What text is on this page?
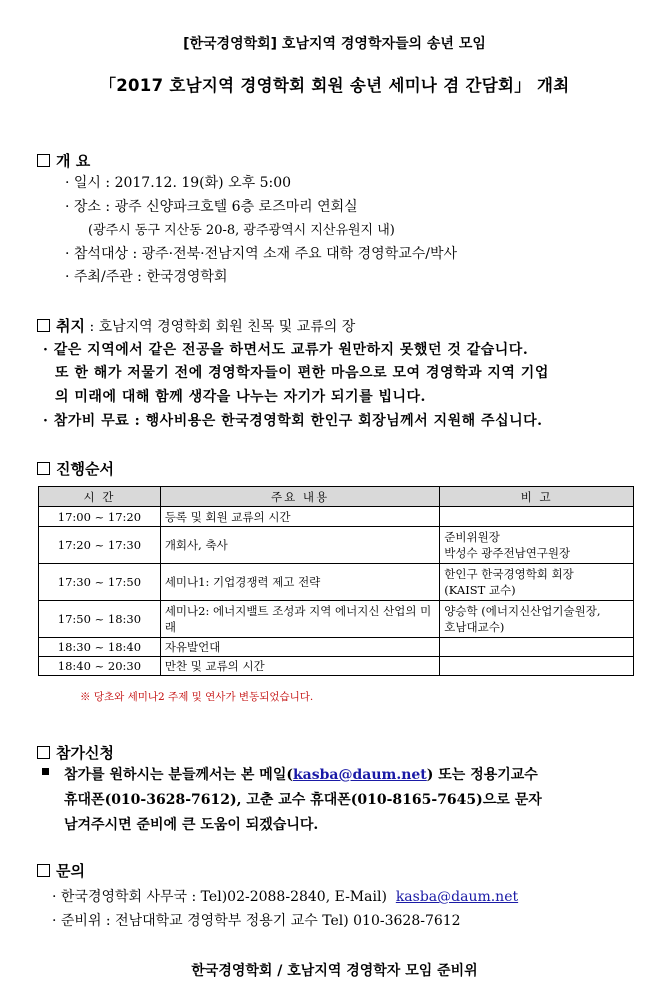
[한국경영학회] 호남지역 경영학자들의 송년 모임
「2017 호남지역 경영학회 회원 송년 세미나 겸 간담회」 개최
개 요
· 일시 : 2017.12. 19(화) 오후 5:00
· 장소 : 광주 신양파크호텔 6층 로즈마리 연회실
(광주시 동구 지산동 20-8, 광주광역시 지산유원지 내)
· 참석대상 : 광주·전북·전남지역 소재 주요 대학 경영학교수/박사
· 주최/주관 : 한국경영학회
취지 : 호남지역 경영학회 회원 친목 및 교류의 장
· 같은 지역에서 같은 전공을 하면서도 교류가 원만하지 못했던 것 같습니다.
또 한 해가 저물기 전에 경영학자들이 편한 마음으로 모여 경영학과 지역 기업
의 미래에 대해 함께 생각을 나누는 자기가 되기를 빕니다.
· 참가비 무료 : 행사비용은 한국경영학회 한인구 회장님께서 지원해 주십니다.
진행순서
시 간	주요 내용	비 고
17:00 ~ 17:20	등록 및 회원 교류의 시간	
17:20 ~ 17:30	개회사, 축사	준비위원장
박성수 광주전남연구원장

17:30 ~ 17:50	세미나1: 기업경쟁력 제고 전략	한인구 한국경영학회 회장
(KAIST 교수)

17:50 ~ 18:30	세미나2: 에너지밸트 조성과 지역 에너지신 산업의 미래	양승학 (에너지신산업기술원장,
호남대교수)

18:30 ~ 18:40	자유발언대	
18:40 ~ 20:30	만찬 및 교류의 시간	
※ 당초와 세미나2 주제 및 연사가 변동되었습니다.
참가신청
참가를 원하시는 분들께서는 본 메일(kasba@daum.net) 또는 정용기교수
휴대폰(010-3628-7612), 고춘 교수 휴대폰(010-8165-7645)으로 문자
남겨주시면 준비에 큰 도움이 되겠습니다.
문의
· 한국경영학회 사무국 : Tel)02-2088-2840, E-Mail) kasba@daum.net
· 준비위 : 전남대학교 경영학부 정용기 교수 Tel) 010-3628-7612
한국경영학회 / 호남지역 경영학자 모임 준비위
